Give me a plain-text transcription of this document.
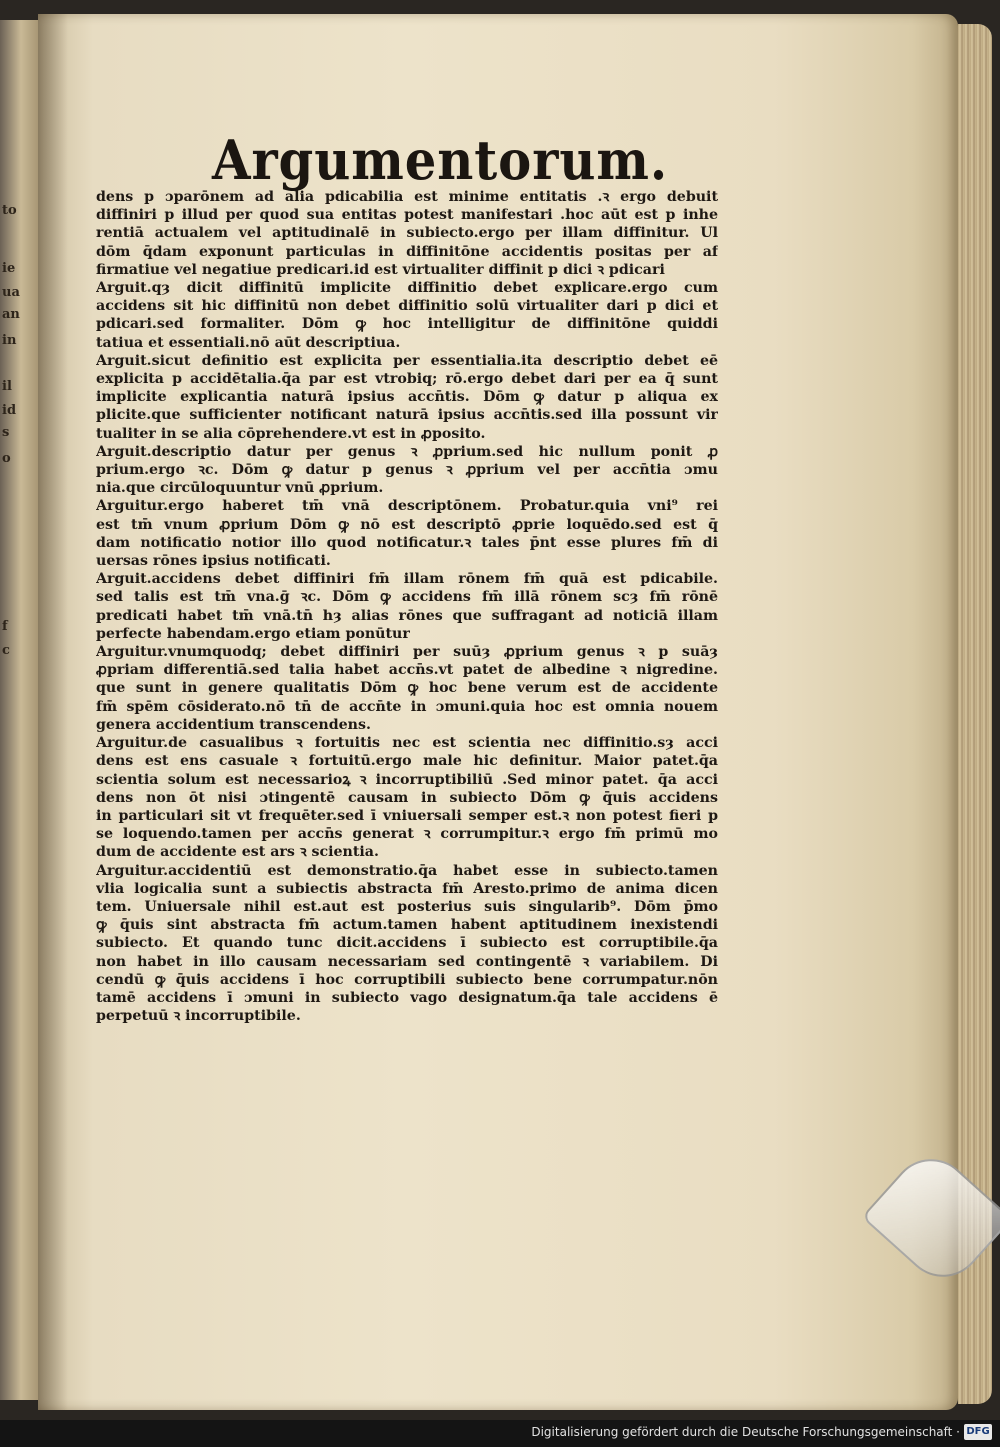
to
ie
ua
an
in
il
id
s
o
f
c
Argumentorum.
dens p ɔparōnem ad alia pdicabilia est minime entitatis .ꝛ ergo debuit
diffiniri p illud per quod sua entitas potest manifestari .hoc aūt est p inhe
rentiā actualem vel aptitudinalē in subiecto.ergo per illam diffinitur. Ul
dōm q̄dam exponunt particulas in diffinitōne accidentis positas per af
firmatiue vel negatiue predicari.id est virtualiter diffinit p dici ꝛ pdicari
Arguit.qȝ dicit diffinitū implicite diffinitio debet explicare.ergo cum
accidens sit hic diffinitū non debet diffinitio solū virtualiter dari p dici et
pdicari.sed formaliter. Dōm ꝙ hoc intelligitur de diffinitōne quiddi
tatiua et essentiali.nō aūt descriptiua.
Arguit.sicut definitio est explicita per essentialia.ita descriptio debet eē
explicita p accidētalia.q̄a par est vtrobiq; rō.ergo debet dari per ea q̄ sunt
implicite explicantia naturā ipsius accn̄tis. Dōm ꝙ datur p aliqua ex
plicite.que sufficienter notificant naturā ipsius accn̄tis.sed illa possunt vir
tualiter in se alia cōprehendere.vt est in ꝓposito.
Arguit.descriptio datur per genus ꝛ ꝓprium.sed hic nullum ponit ꝓ
prium.ergo ꝛc. Dōm ꝙ datur p genus ꝛ ꝓprium vel per accn̄tia ɔmu
nia.que circūloquuntur vnū ꝓprium.
Arguitur.ergo haberet tm̄ vnā descriptōnem. Probatur.quia vni⁹ rei
est tm̄ vnum ꝓprium Dōm ꝙ nō est descriptō ꝓprie loquēdo.sed est q̄
dam notificatio notior illo quod notificatur.ꝛ tales p̄nt esse plures fm̄ di
uersas rōnes ipsius notificati.
Arguit.accidens debet diffiniri fm̄ illam rōnem fm̄ quā est pdicabile.
sed talis est tm̄ vna.ḡ ꝛc. Dōm ꝙ accidens fm̄ illā rōnem scȝ fm̄ rōnē
predicati habet tm̄ vnā.tn̄ hȝ alias rōnes que suffragant ad noticiā illam
perfecte habendam.ergo etiam ponūtur
Arguitur.vnumquodq; debet diffiniri per suūȝ ꝓprium genus ꝛ p suāȝ
ꝓpriam differentiā.sed talia habet accn̄s.vt patet de albedine ꝛ nigredine.
que sunt in genere qualitatis Dōm ꝙ hoc bene verum est de accidente
fm̄ spēm cōsiderato.nō tn̄ de accn̄te in ɔmuni.quia hoc est omnia nouem
genera accidentium transcendens.
Arguitur.de casualibus ꝛ fortuitis nec est scientia nec diffinitio.sȝ acci
dens est ens casuale ꝛ fortuitū.ergo male hic definitur. Maior patet.q̄a
scientia solum est necessarioꝝ ꝛ incorruptibiliū .Sed minor patet. q̄a acci
dens non ōt nisi ɔtingentē causam in subiecto Dōm ꝙ q̄uis accidens
in particulari sit vt frequēter.sed ī vniuersali semper est.ꝛ non potest fieri p
se loquendo.tamen per accn̄s generat ꝛ corrumpitur.ꝛ ergo fm̄ primū mo
dum de accidente est ars ꝛ scientia.
Arguitur.accidentiū est demonstratio.q̄a habet esse in subiecto.tamen
vlia logicalia sunt a subiectis abstracta fm̄ Aresto.primo de anima dicen
tem. Uniuersale nihil est.aut est posterius suis singularib⁹. Dōm p̄mo
ꝙ q̄uis sint abstracta fm̄ actum.tamen habent aptitudinem inexistendi
subiecto. Et quando tunc dicit.accidens ī subiecto est corruptibile.q̄a
non habet in illo causam necessariam sed contingentē ꝛ variabilem. Di
cendū ꝙ q̄uis accidens ī hoc corruptibili subiecto bene corrumpatur.nōn
tamē accidens ī ɔmuni in subiecto vago designatum.q̄a tale accidens ē
perpetuū ꝛ incorruptibile.
Digitalisierung gefördert durch die Deutsche Forschungsgemeinschaft · DFG
